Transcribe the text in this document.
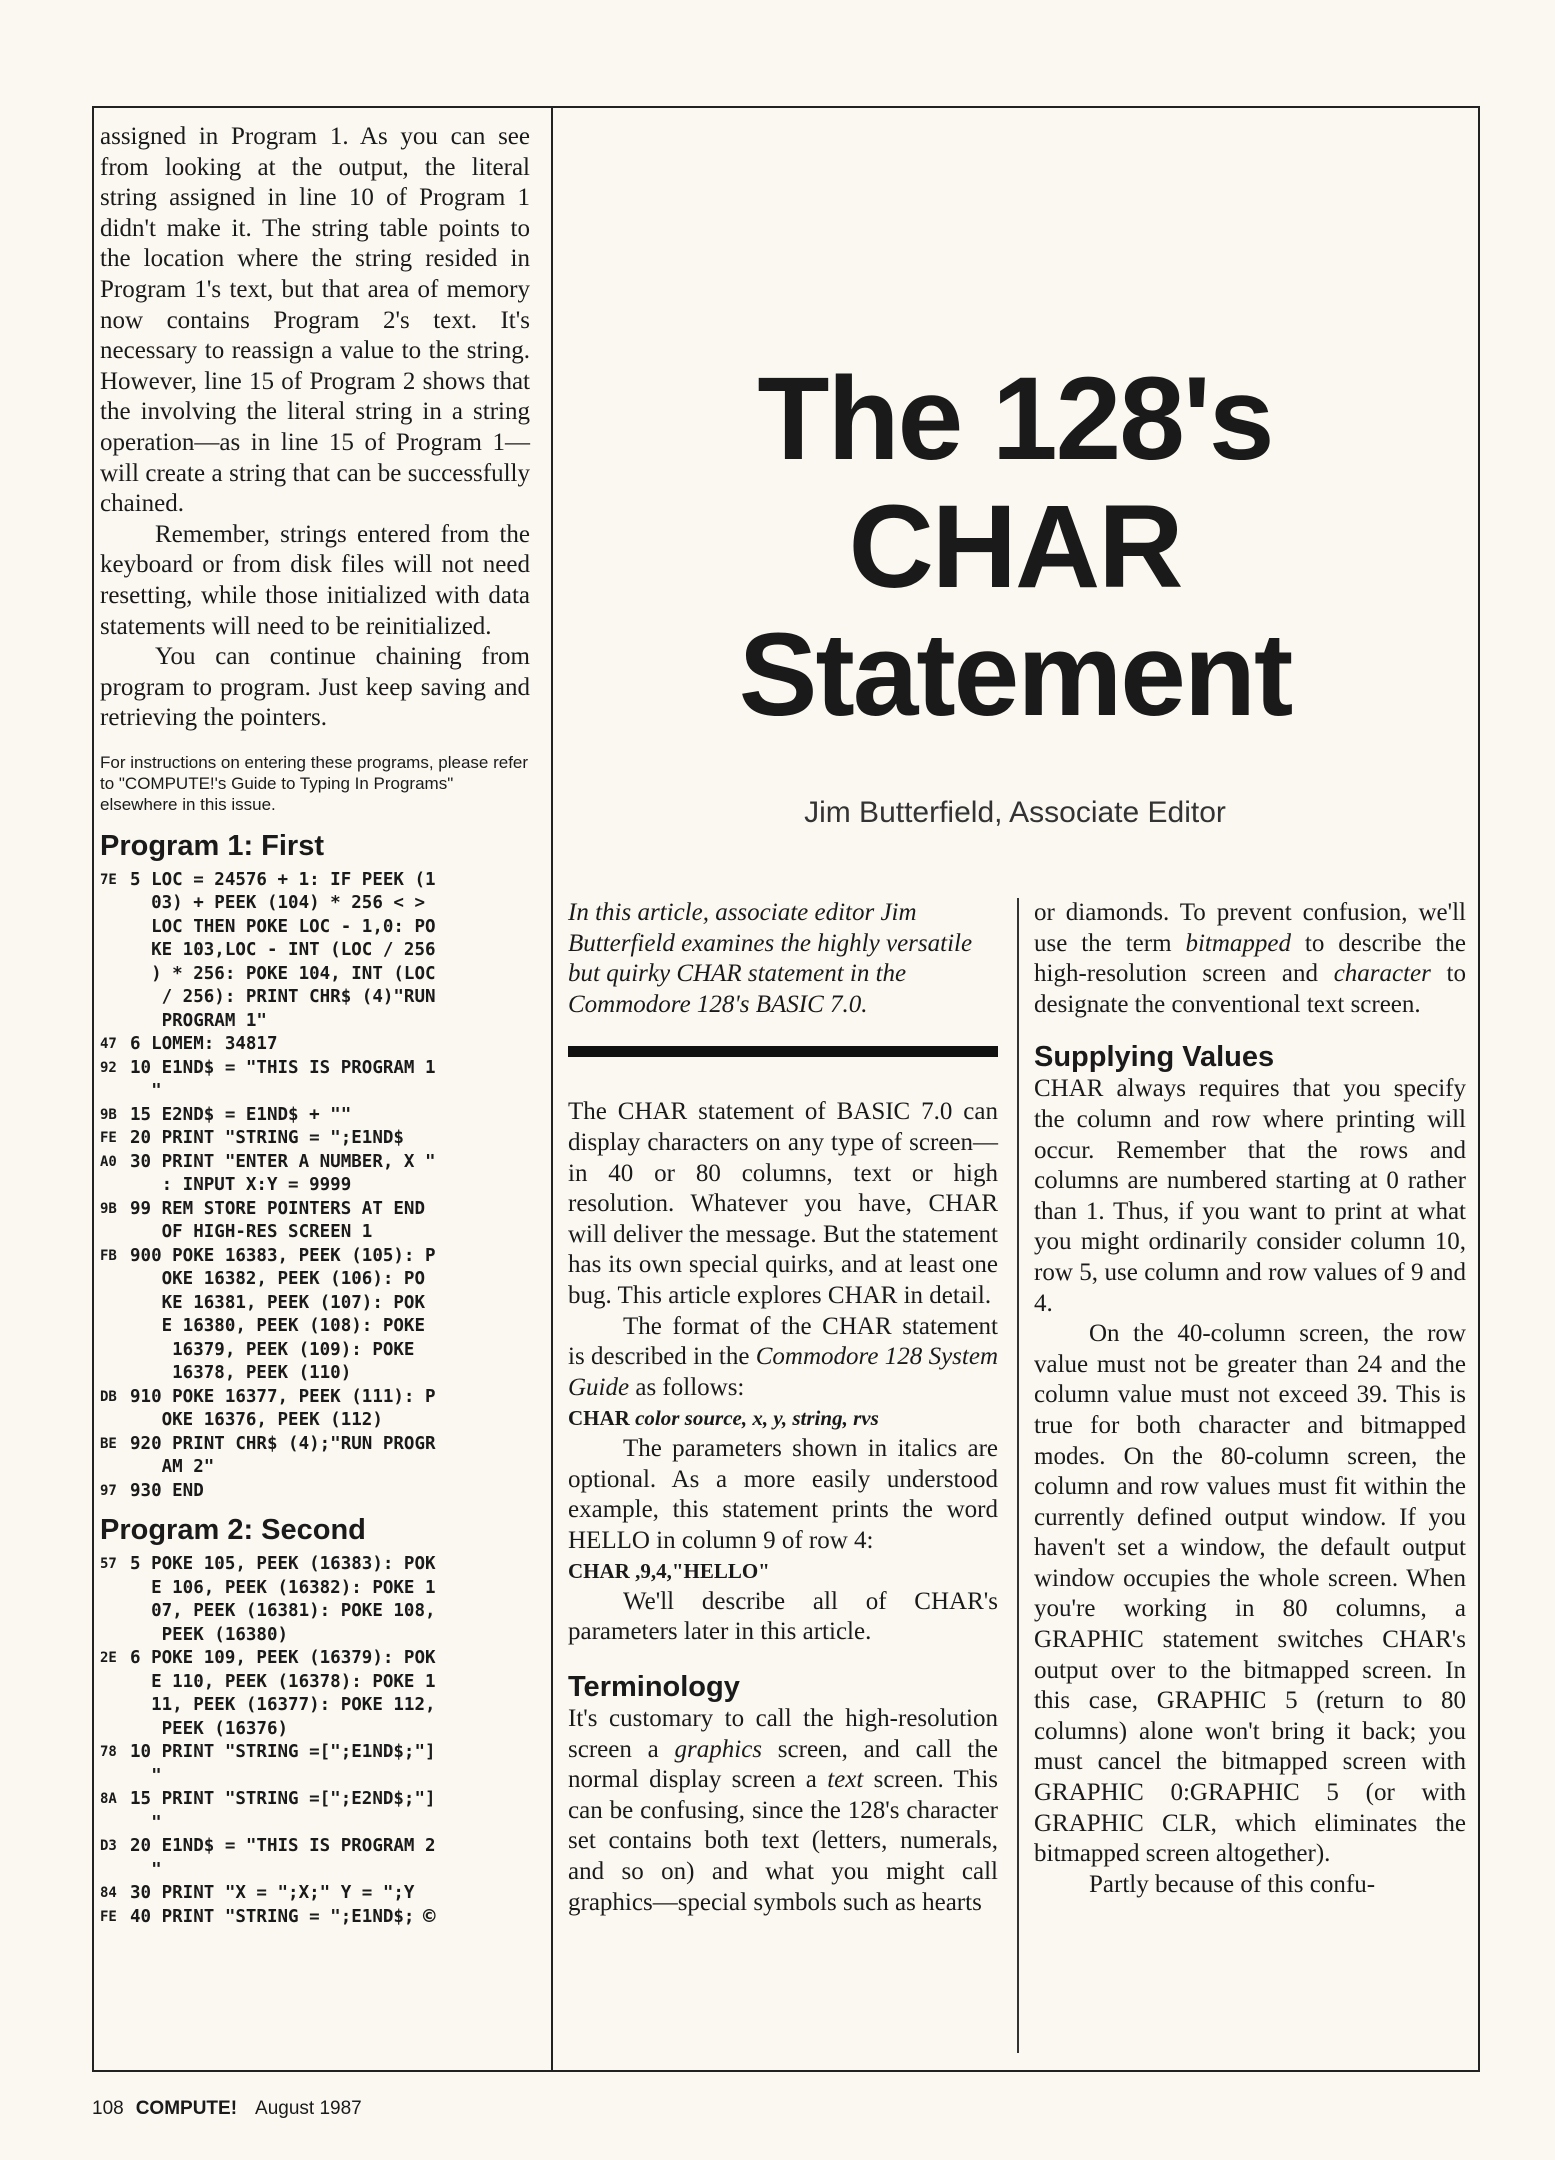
assigned in Program 1. As you can see from looking at the output, the literal string assigned in line 10 of Program 1 didn't make it. The string table points to the location where the string resided in Program 1's text, but that area of memory now contains Program 2's text. It's necessary to reassign a value to the string. However, line 15 of Program 2 shows that the involving the literal string in a string operation—as in line 15 of Program 1—will create a string that can be successfully chained.

Remember, strings entered from the keyboard or from disk files will not need resetting, while those initialized with data statements will need to be reinitialized.

You can continue chaining from program to program. Just keep saving and retrieving the pointers.

For instructions on entering these programs, please refer to "COMPUTE!'s Guide to Typing In Programs" elsewhere in this issue.
Program 1: First
7E 5 LOC = 24576 + 1: IF PEEK (1
03) + PEEK (104) * 256 < >
LOC THEN POKE LOC - 1,0: PO
KE 103,LOC - INT (LOC / 256
) * 256: POKE 104, INT (LOC
/ 256): PRINT CHR$ (4)"RUN
PROGRAM 1"
47 6 LOMEM: 34817
92 10 E1ND$ = "THIS IS PROGRAM 1
"
9B 15 E2ND$ = E1ND$ + ""
FE 20 PRINT "STRING = ";E1ND$
A0 30 PRINT "ENTER A NUMBER, X "
: INPUT X:Y = 9999
9B 99 REM STORE POINTERS AT END
OF HIGH-RES SCREEN 1
FB 900 POKE 16383, PEEK (105): P
OKE 16382, PEEK (106): PO
KE 16381, PEEK (107): POK
E 16380, PEEK (108): POKE
16379, PEEK (109): POKE
16378, PEEK (110)
DB 910 POKE 16377, PEEK (111): P
OKE 16376, PEEK (112)
BE 920 PRINT CHR$ (4);"RUN PROGR
AM 2"
97 930 END
Program 2: Second
57 5 POKE 105, PEEK (16383): POK
E 106, PEEK (16382): POKE 1
07, PEEK (16381): POKE 108,
PEEK (16380)
2E 6 POKE 109, PEEK (16379): POK
E 110, PEEK (16378): POKE 1
11, PEEK (16377): POKE 112,
PEEK (16376)
78 10 PRINT "STRING =[";E1ND$;"]
"
8A 15 PRINT "STRING =[";E2ND$;"]
"
D3 20 E1ND$ = "THIS IS PROGRAM 2
"
84 30 PRINT "X = ";X;" Y = ";Y
FE 40 PRINT "STRING = ";E1ND$; ©
The 128's
CHAR
Statement
Jim Butterfield, Associate Editor

In this article, associate editor Jim Butterfield examines the highly versatile but quirky CHAR statement in the Commodore 128's BASIC 7.0.

The CHAR statement of BASIC 7.0 can display characters on any type of screen—in 40 or 80 columns, text or high resolution. Whatever you have, CHAR will deliver the message. But the statement has its own special quirks, and at least one bug. This article explores CHAR in detail.

The format of the CHAR statement is described in the Commodore 128 System Guide as follows:

CHAR color source, x, y, string, rvs

The parameters shown in italics are optional. As a more easily understood example, this statement prints the word HELLO in column 9 of row 4:

CHAR ,9,4,"HELLO"

We'll describe all of CHAR's parameters later in this article.

Terminology

It's customary to call the high-resolution screen a graphics screen, and call the normal display screen a text screen. This can be confusing, since the 128's character set contains both text (letters, numerals, and so on) and what you might call graphics—special symbols such as hearts

or diamonds. To prevent confusion, we'll use the term bitmapped to describe the high-resolution screen and character to designate the conventional text screen.

Supplying Values

CHAR always requires that you specify the column and row where printing will occur. Remember that the rows and columns are numbered starting at 0 rather than 1. Thus, if you want to print at what you might ordinarily consider column 10, row 5, use column and row values of 9 and 4.

On the 40-column screen, the row value must not be greater than 24 and the column value must not exceed 39. This is true for both character and bitmapped modes. On the 80-column screen, the column and row values must fit within the currently defined output window. If you haven't set a window, the default output window occupies the whole screen. When you're working in 80 columns, a GRAPHIC statement switches CHAR's output over to the bitmapped screen. In this case, GRAPHIC 5 (return to 80 columns) alone won't bring it back; you must cancel the bitmapped screen with GRAPHIC 0:GRAPHIC 5 (or with GRAPHIC CLR, which eliminates the bitmapped screen altogether).

Partly because of this confu-

108 COMPUTE! August 1987
